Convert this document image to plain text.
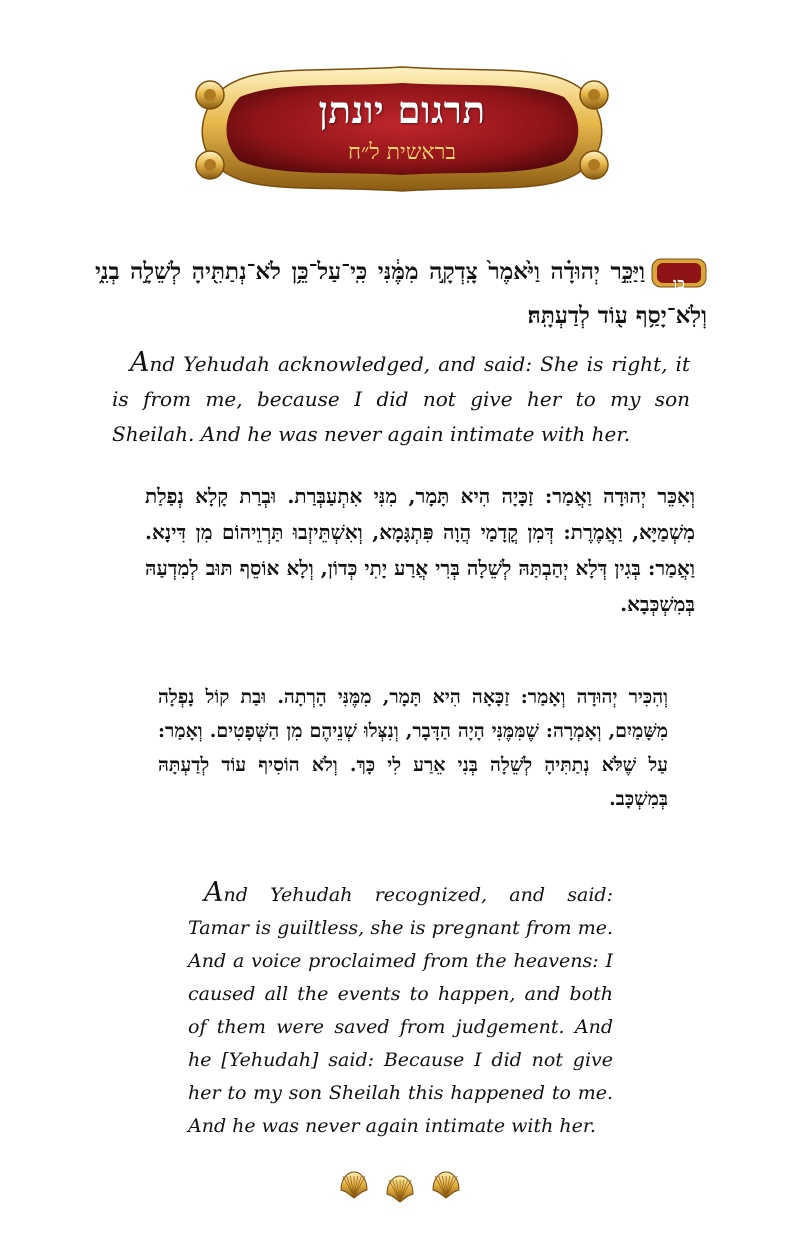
תרגום יונתן
בראשית ל״ח
כו
וַיַּכֵּ֣ר יְהוּדָ֗ה וַיֹּ֙אמֶר֙ צָֽדְקָ֣ה מִמֶּ֔נִּי כִּֽי־עַל־כֵּ֥ן לֹא־נְתַתִּ֖יהָ לְשֵׁלָ֣ה בְנִ֑י וְלֹֽא־יָסַ֥ף ע֖וֹד לְדַעְתָּֽהּ׃
And Yehudah acknowledged, and said: She is right, it is from me, because I did not give her to my son Sheilah. And he was never again intimate with her.
וְאִכֵּר יְהוּדָה וַאֲמַר: זַכָּיָה הִיא תָּמָר, מִנִּי אִתְעַבְּרַת. וּבְרַת קָלָא נְפַלַת מִשְׁמַיָּא, וַאֲמֶרֶת: דְּמִן קֳדָמַי הֲוָה פִּתְגָּמָא, וְאִשְׁתֵּיזְבוּ תַּרְוֵיהוֹם מִן דִּינָא. וַאֲמַר: בְּגִין דְּלָא יְהַבְתַּהּ לְשֵׁלָה בְּרִי אֲרַע יָתִי כְּדוֹן, וְלָא אוֹסֵף תּוּב לְמִדְעַהּ בְּמִשְׁכְּבָא.
וְהִכִּיר יְהוּדָה וְאָמַר: זַכָּאָה הִיא תָּמָר, מִמֶּנִּי הָרְתָה. וּבַת קוֹל נָפְלָה מִשָּׁמַיִם, וְאָמְרָה: שֶׁמִּמֶּנִּי הָיָה הַדָּבָר, וְנִצְּלוּ שְׁנֵיהֶם מִן הַשְּׁפָטִים. וְאָמַר: עַל שֶׁלֹּא נְתַתִּיהָ לְשֵׁלָה בְּנִי אֵרַע לִי כָּךְ. וְלֹא הוֹסִיף עוֹד לְדַעְתָּהּ בְּמִשְׁכָּב.
And Yehudah recognized, and said: Tamar is guiltless, she is pregnant from me. And a voice proclaimed from the heavens: I caused all the events to happen, and both of them were saved from judgement. And he [Yehudah] said: Because I did not give her to my son Sheilah this happened to me. And he was never again intimate with her.
